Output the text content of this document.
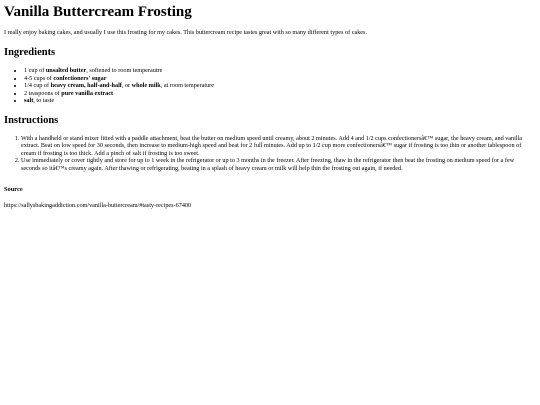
Vanilla Buttercream Frosting

I really enjoy baking cakes, and usually I use this frosting for my cakes. This buttercream recipe tastes great with so many different types of cakes.

Ingredients
• 1 cup of unsalted butter, softened to room temperautre
• 4-5 cups of confectioners' sugar
• 1/4 cup of heavy cream, half-and-half, or whole milk, at room temperature
• 2 teaspoons of pure vanilla extract
• salt, to taste
Instructions
1. With a handheld or stand mixer fitted with a paddle attachment, beat the butter on medium speed until creamy, about 2 minutes. Add 4 and 1/2 cups confectionersâ€™ sugar, the heavy cream, and vanilla extract. Beat on low speed for 30 seconds, then increase to medium-high speed and beat for 2 full minutes. Add up to 1/2 cup more confectionersâ€™ sugar if frosting is too thin or another tablespoon of cream if frosting is too thick. Add a pinch of salt if frosting is too sweet.
2. Use immediately or cover tightly and store for up to 1 week in the refrigerator or up to 3 months in the freezer. After freezing, thaw in the refrigerator then beat the frosting on medium speed for a few seconds so itâ€™s creamy again. After thawing or refrigerating, beating in a splash of heavy cream or milk will help thin the frosting out again, if needed.
Source

https://sallysbakingaddiction.com/vanilla-buttercream/#tasty-recipes-67400
